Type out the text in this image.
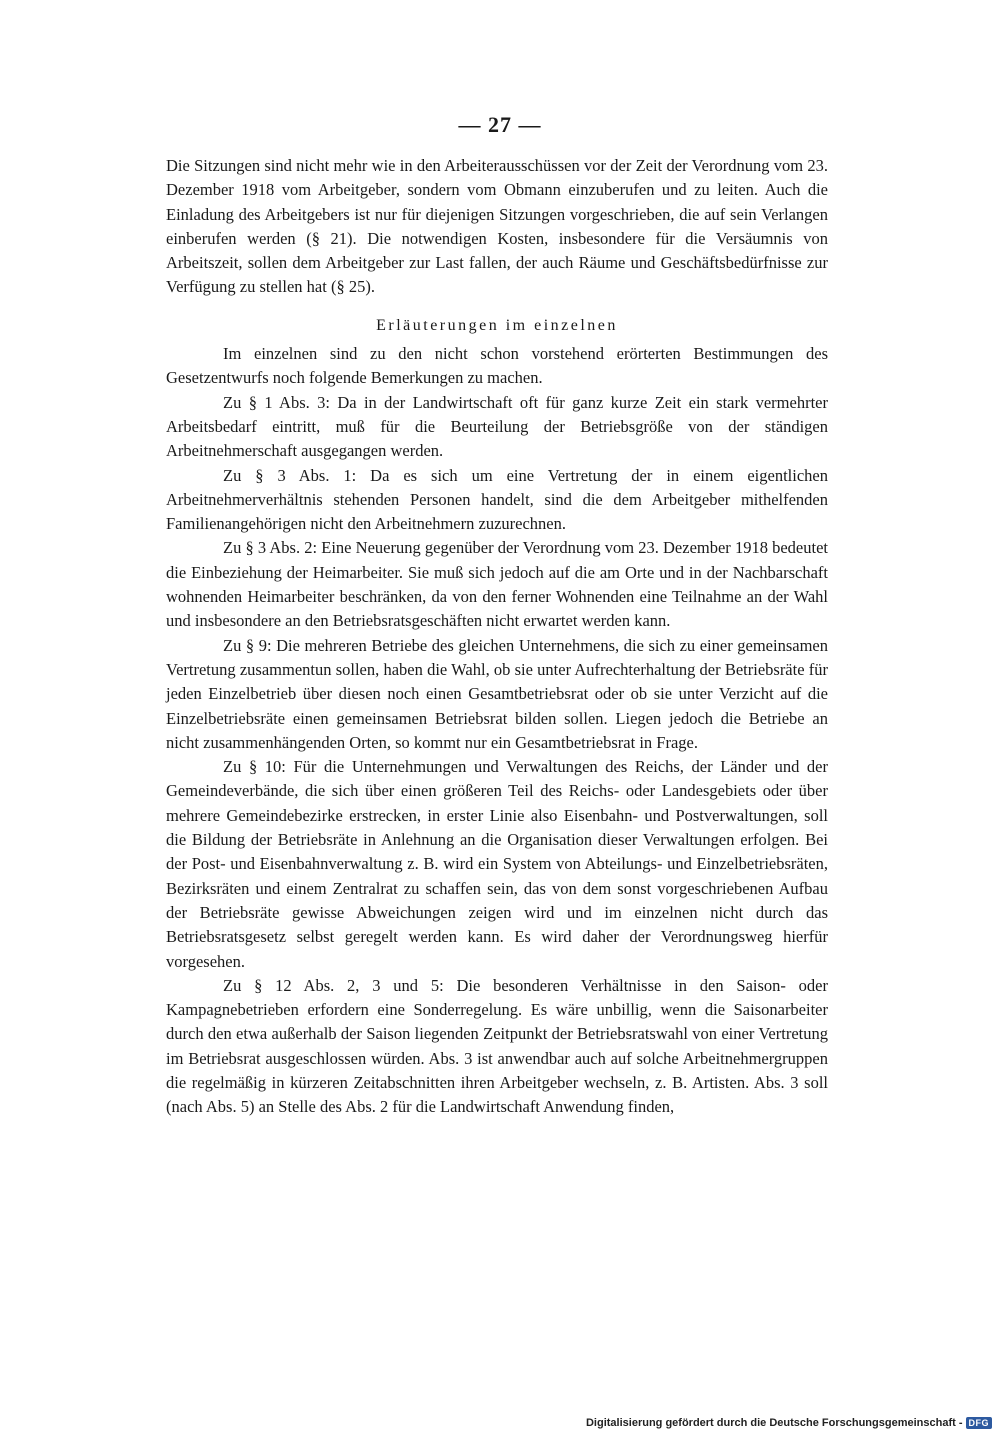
— 27 —

Die Sitzungen sind nicht mehr wie in den Arbeiterausschüssen vor der Zeit der Verordnung vom 23. Dezember 1918 vom Arbeitgeber, sondern vom Obmann einzuberufen und zu leiten. Auch die Einladung des Arbeitgebers ist nur für diejenigen Sitzungen vorgeschrieben, die auf sein Verlangen einberufen werden (§ 21). Die notwendigen Kosten, insbesondere für die Versäumnis von Arbeitszeit, sollen dem Arbeitgeber zur Last fallen, der auch Räume und Geschäftsbedürfnisse zur Verfügung zu stellen hat (§ 25).

Erläuterungen im einzelnen

Im einzelnen sind zu den nicht schon vorstehend erörterten Bestimmungen des Gesetzentwurfs noch folgende Bemerkungen zu machen.

Zu § 1 Abs. 3: Da in der Landwirtschaft oft für ganz kurze Zeit ein stark vermehrter Arbeitsbedarf eintritt, muß für die Beurteilung der Betriebsgröße von der ständigen Arbeitnehmerschaft ausgegangen werden.

Zu § 3 Abs. 1: Da es sich um eine Vertretung der in einem eigentlichen Arbeitnehmerverhältnis stehenden Personen handelt, sind die dem Arbeitgeber mithelfenden Familienangehörigen nicht den Arbeitnehmern zuzurechnen.

Zu § 3 Abs. 2: Eine Neuerung gegenüber der Verordnung vom 23. Dezember 1918 bedeutet die Einbeziehung der Heimarbeiter. Sie muß sich jedoch auf die am Orte und in der Nachbarschaft wohnenden Heimarbeiter beschränken, da von den ferner Wohnenden eine Teilnahme an der Wahl und insbesondere an den Betriebsratsgeschäften nicht erwartet werden kann.

Zu § 9: Die mehreren Betriebe des gleichen Unternehmens, die sich zu einer gemeinsamen Vertretung zusammentun sollen, haben die Wahl, ob sie unter Aufrechterhaltung der Betriebsräte für jeden Einzelbetrieb über diesen noch einen Gesamtbetriebsrat oder ob sie unter Verzicht auf die Einzelbetriebsräte einen gemeinsamen Betriebsrat bilden sollen. Liegen jedoch die Betriebe an nicht zusammenhängenden Orten, so kommt nur ein Gesamtbetriebsrat in Frage.

Zu § 10: Für die Unternehmungen und Verwaltungen des Reichs, der Länder und der Gemeindeverbände, die sich über einen größeren Teil des Reichs- oder Landesgebiets oder über mehrere Gemeindebezirke erstrecken, in erster Linie also Eisenbahn- und Postverwaltungen, soll die Bildung der Betriebsräte in Anlehnung an die Organisation dieser Verwaltungen erfolgen. Bei der Post- und Eisenbahnverwaltung z. B. wird ein System von Abteilungs- und Einzelbetriebsräten, Bezirksräten und einem Zentralrat zu schaffen sein, das von dem sonst vorgeschriebenen Aufbau der Betriebsräte gewisse Abweichungen zeigen wird und im einzelnen nicht durch das Betriebsratsgesetz selbst geregelt werden kann. Es wird daher der Verordnungsweg hierfür vorgesehen.

Zu § 12 Abs. 2, 3 und 5: Die besonderen Verhältnisse in den Saison- oder Kampagnebetrieben erfordern eine Sonderregelung. Es wäre unbillig, wenn die Saisonarbeiter durch den etwa außerhalb der Saison liegenden Zeitpunkt der Betriebsratswahl von einer Vertretung im Betriebsrat ausgeschlossen würden. Abs. 3 ist anwendbar auch auf solche Arbeitnehmergruppen die regelmäßig in kürzeren Zeitabschnitten ihren Arbeitgeber wechseln, z. B. Artisten. Abs. 3 soll (nach Abs. 5) an Stelle des Abs. 2 für die Landwirtschaft Anwendung finden,

Digitalisierung gefördert durch die Deutsche Forschungsgemeinschaft - DFG
